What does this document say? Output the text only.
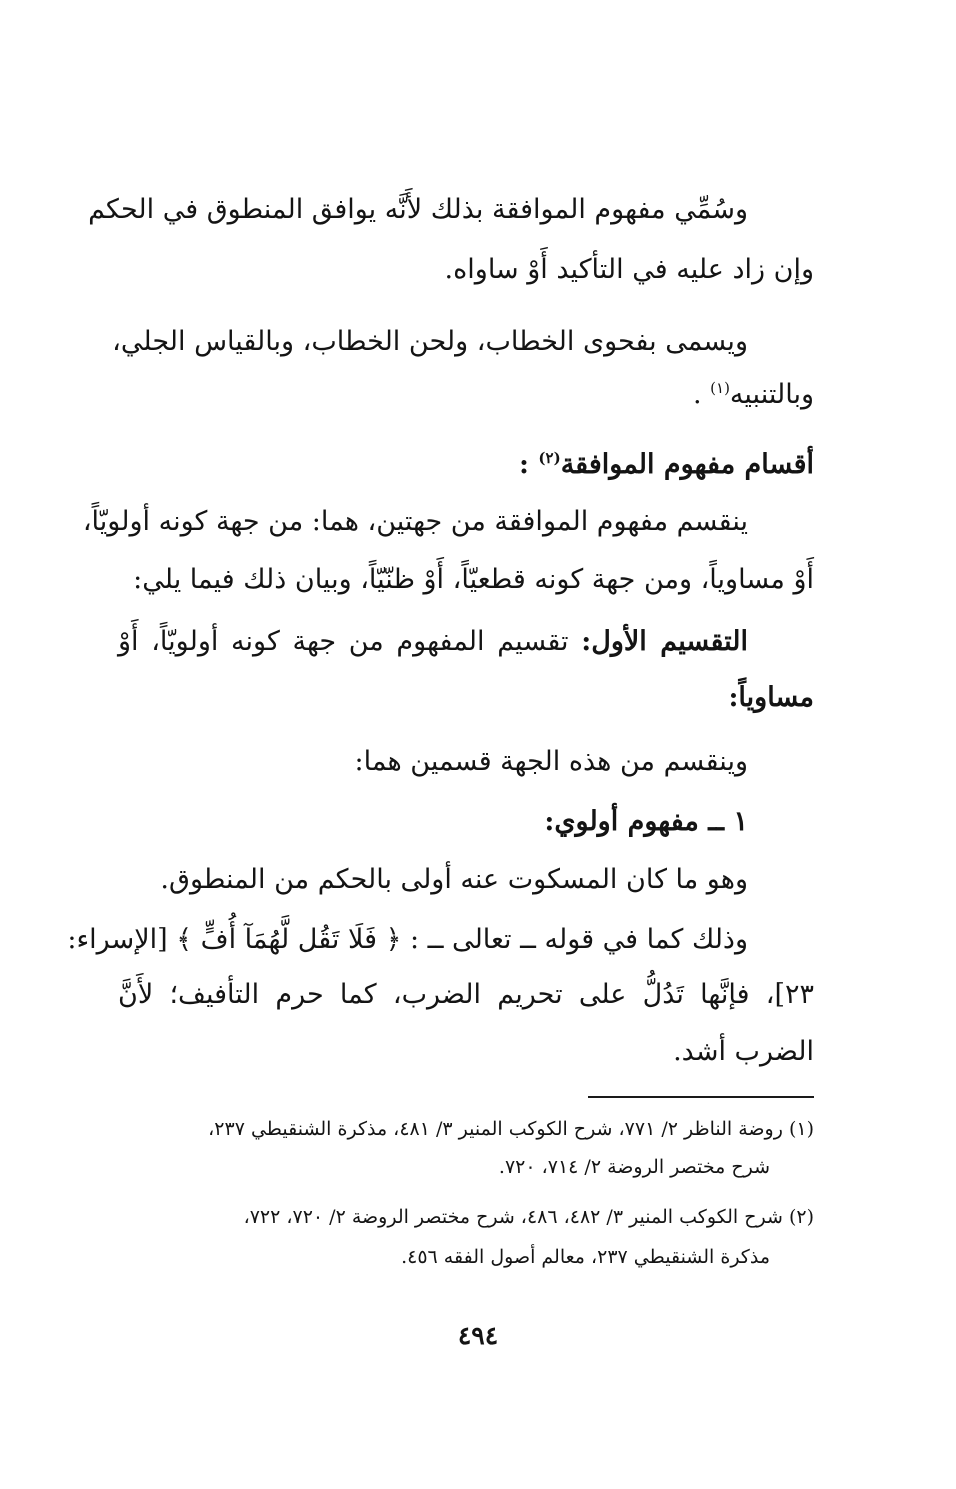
وسُمِّي مفهوم الموافقة بذلك لأَنَّه يوافق المنطوق في الحكم
وإن زاد عليه في التأكيد أَوْ ساواه.
ويسمى بفحوى الخطاب، ولحن الخطاب، وبالقياس الجلي،
وبالتنبيه$^{(١)}$ .
أقسام مفهوم الموافقة$^{(٢)}$ :
ينقسم مفهوم الموافقة من جهتين، هما: من جهة كونه أولويّاً،
أَوْ مساوياً، ومن جهة كونه قطعيّاً، أَوْ ظنّيّاً، وبيان ذلك فيما يلي:
التقسيم الأول: تقسيم المفهوم من جهة كونه أولويّاً، أَوْ
مساوياً:
وينقسم من هذه الجهة قسمين هما:
١ ــ مفهوم أولوي:
وهو ما كان المسكوت عنه أولى بالحكم من المنطوق.
وذلك كما في قوله ــ تعالى ــ : ﴿ فَلَا تَقُل لَّهُمَآ أُفٍّ ﴾ [الإسراء:
٢٣]، فإنَّها تَدُلُّ على تحريم الضرب، كما حرم التأفيف؛ لأَنَّ
الضرب أشد.
(١) روضة الناظر ٢/ ٧٧١، شرح الكوكب المنير ٣/ ٤٨١، مذكرة الشنقيطي ٢٣٧،
شرح مختصر الروضة ٢/ ٧١٤، ٧٢٠.
(٢) شرح الكوكب المنير ٣/ ٤٨٢، ٤٨٦، شرح مختصر الروضة ٢/ ٧٢٠، ٧٢٢،
مذكرة الشنقيطي ٢٣٧، معالم أصول الفقه ٤٥٦.
٤٩٤
